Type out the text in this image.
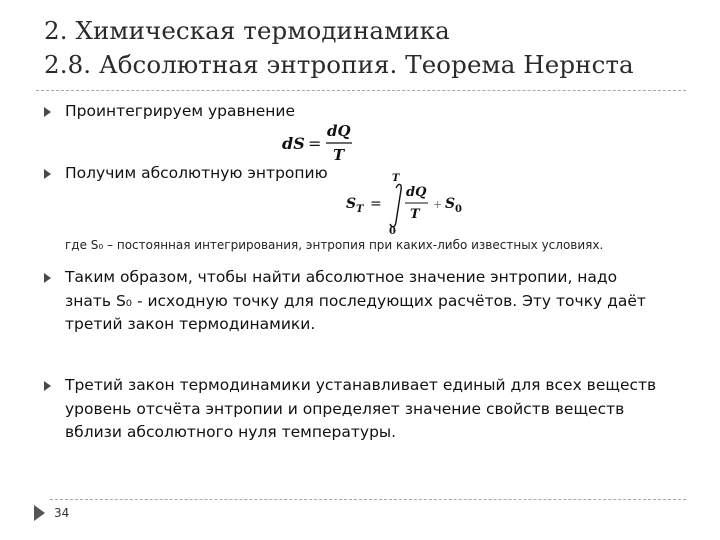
2. Химическая термодинамика
2.8. Абсолютная энтропия. Теорема Нернста
Проинтегрируем уравнение
dS =
dQ
T
Получим абсолютную энтропию
S T =
T
0
dQ
T
+ S 0
где S₀ – постоянная интегрирования, энтропия при каких-либо известных условиях.
Таким образом, чтобы найти абсолютное значение энтропии, надо знать S₀ - исходную точку для последующих расчётов. Эту точку даёт третий закон термодинамики.
Третий закон термодинамики устанавливает единый для всех веществ уровень отсчёта энтропии и определяет значение свойств веществ вблизи абсолютного нуля температуры.
34
